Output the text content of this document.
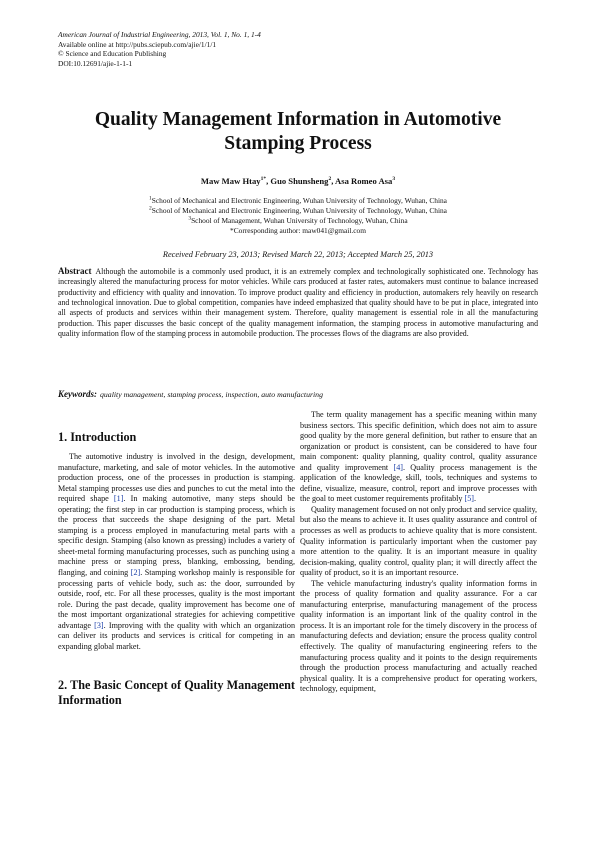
American Journal of Industrial Engineering, 2013, Vol. 1, No. 1, 1-4
Available online at http://pubs.sciepub.com/ajie/1/1/1
© Science and Education Publishing
DOI:10.12691/ajie-1-1-1
Quality Management Information in Automotive Stamping Process
Maw Maw Htay$^{1*}$, Guo Shunsheng$^2$, Asa Romeo Asa$^3$
$^1$School of Mechanical and Electronic Engineering, Wuhan University of Technology, Wuhan, China
$^2$School of Mechanical and Electronic Engineering, Wuhan University of Technology, Wuhan, China
$^3$School of Management, Wuhan University of Technology, Wuhan, China
*Corresponding author: maw041@gmail.com
Received February 23, 2013; Revised March 22, 2013; Accepted March 25, 2013
Abstract Although the automobile is a commonly used product, it is an extremely complex and technologically sophisticated one. Technology has increasingly altered the manufacturing process for motor vehicles. While cars produced at faster rates, automakers must continue to balance increased productivity and efficiency with quality and innovation. To improve product quality and efficiency in production, automakers rely heavily on research and technological innovation. Due to global competition, companies have indeed emphasized that quality should have to be put in place, integrated into all aspects of products and services within their management system. Therefore, quality management is essential role in all the manufacturing production. This paper discusses the basic concept of the quality management information, the stamping process in automotive manufacturing and quality information flow of the stamping process in automobile production. The processes flows of the diagrams are also provided.
Keywords: quality management, stamping process, inspection, auto manufacturing
1. Introduction

The automotive industry is involved in the design, development, manufacture, marketing, and sale of motor vehicles. In the automotive production process, one of the processes in production is stamping. Metal stamping processes use dies and punches to cut the metal into the required shape [1]. In making automotive, many steps should be operating; the first step in car production is stamping process, which is the process that succeeds the shape designing of the part. Metal stamping is a process employed in manufacturing metal parts with a specific design. Stamping (also known as pressing) includes a variety of sheet-metal forming manufacturing processes, such as punching using a machine press or stamping press, blanking, embossing, bending, flanging, and coining [2]. Stamping workshop mainly is responsible for processing parts of vehicle body, such as: the door, surrounded by outside, roof, etc. For all these processes, quality is the most important role. During the past decade, quality improvement has become one of the most important organizational strategies for achieving competitive advantage [3]. Improving with the quality with which an organization can deliver its products and services is critical for competing in an expanding global market.

2. The Basic Concept of Quality Management Information

The term quality management has a specific meaning within many business sectors. This specific definition, which does not aim to assure good quality by the more general definition, but rather to ensure that an organization or product is consistent, can be considered to have four main component: quality planning, quality control, quality assurance and quality improvement [4]. Quality process management is the application of the knowledge, skill, tools, techniques and systems to define, visualize, measure, control, report and improve processes with the goal to meet customer requirements profitably [5].

Quality management focused on not only product and service quality, but also the means to achieve it. It uses quality assurance and control of processes as well as products to achieve quality that is more consistent. Quality information is particularly important when the customer pay more attention to the quality. It is an important measure in quality decision-making, quality control, quality plan; it will directly affect the quality of product, so it is an important resource.

The vehicle manufacturing industry's quality information forms in the process of quality formation and quality assurance. For a car manufacturing enterprise, manufacturing management of the process quality information is an important link of the quality control in the process. It is an important role for the timely discovery in the process of manufacturing defects and deviation; ensure the process quality control effectively. The quality of manufacturing engineering refers to the manufacturing process quality and it points to the design requirements through the production process manufacturing and actually reached physical quality. It is a comprehensive product for operating workers, technology, equipment,
